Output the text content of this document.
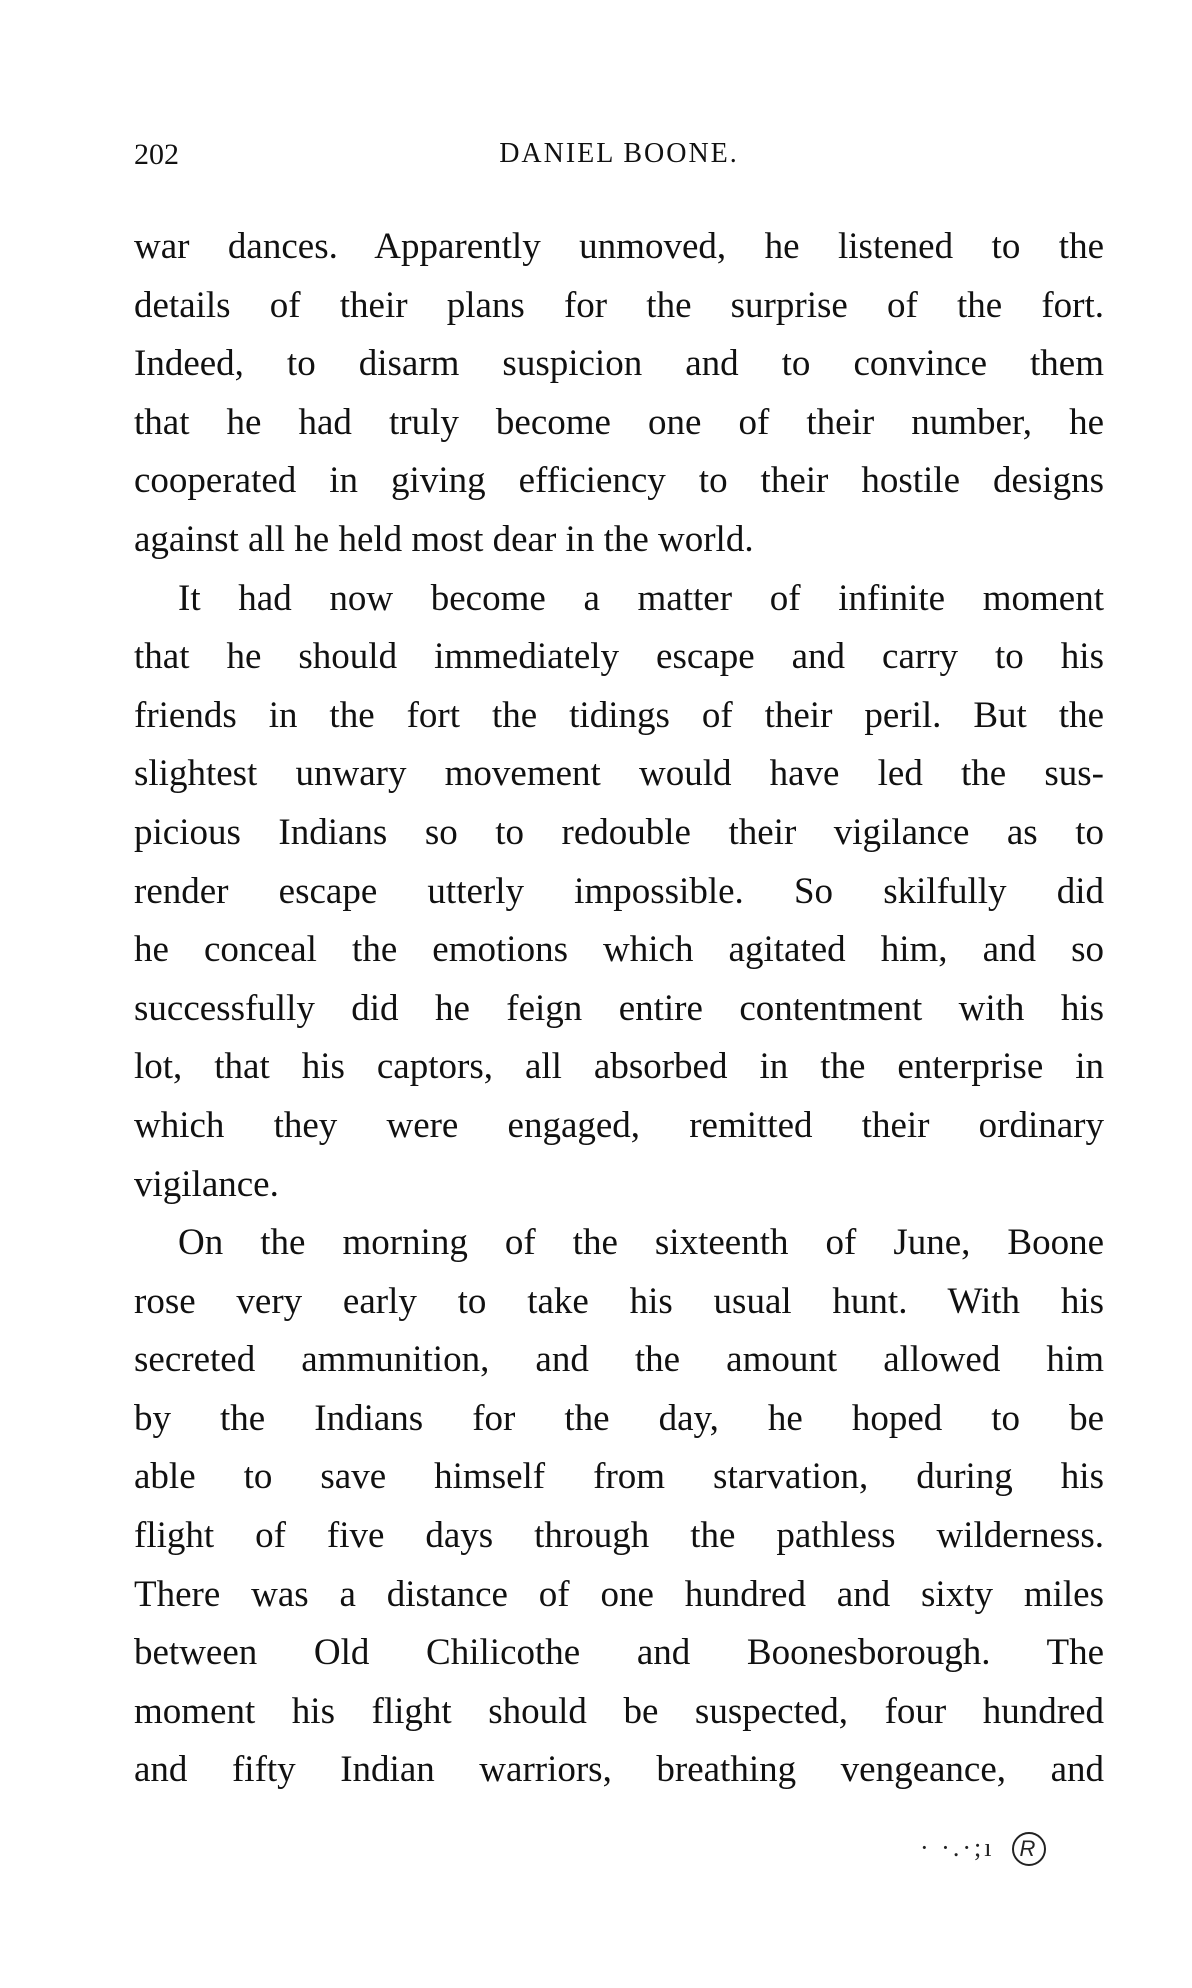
202	DANIEL BOONE.
war dances. Apparently unmoved, he listened to the
details of their plans for the surprise of the fort.
Indeed, to disarm suspicion and to convince them
that he had truly become one of their number, he
cooperated in giving efficiency to their hostile designs
against all he held most dear in the world.
It had now become a matter of infinite moment
that he should immediately escape and carry to his
friends in the fort the tidings of their peril. But the
slightest unwary movement would have led the sus-
picious Indians so to redouble their vigilance as to
render escape utterly impossible. So skilfully did
he conceal the emotions which agitated him, and so
successfully did he feign entire contentment with his
lot, that his captors, all absorbed in the enterprise in
which they were engaged, remitted their ordinary
vigilance.
On the morning of the sixteenth of June, Boone
rose very early to take his usual hunt. With his
secreted ammunition, and the amount allowed him
by the Indians for the day, he hoped to be
able to save himself from starvation, during his
flight of five days through the pathless wilderness.
There was a distance of one hundred and sixty miles
between Old Chilicothe and Boonesborough. The
moment his flight should be suspected, four hundred
and fifty Indian warriors, breathing vengeance, and
· ·.·;ı R
